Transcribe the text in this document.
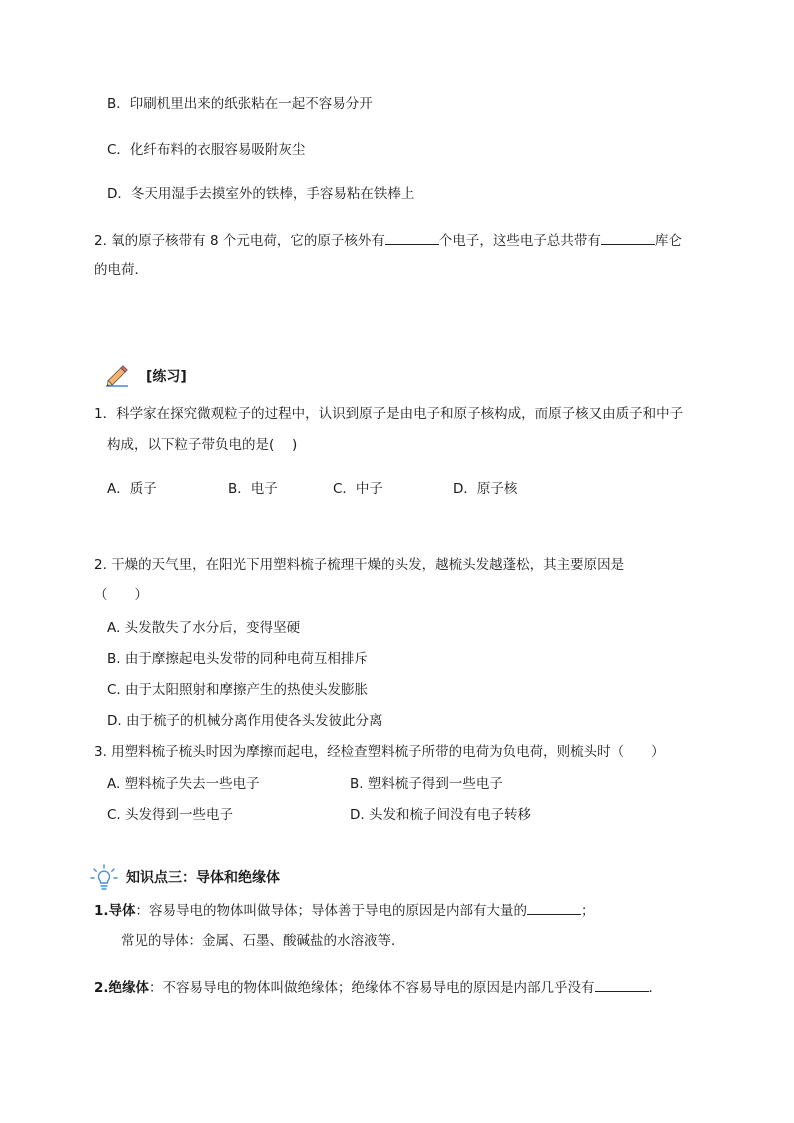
B．印刷机里出来的纸张粘在一起不容易分开
C．化纤布料的衣服容易吸附灰尘
D．冬天用湿手去摸室外的铁棒，手容易粘在铁棒上
2. 氧的原子核带有 8 个元电荷，它的原子核外有	个电子，这些电子总共带有	库仑
的电荷．
[练习]
1．科学家在探究微观粒子的过程中，认识到原子是由电子和原子核构成，而原子核又由质子和中子
构成，以下粒子带负电的是(　 )
A．质子	B．电子	C．中子	D．原子核
2. 干燥的天气里，在阳光下用塑料梳子梳理干燥的头发，越梳头发越蓬松，其主要原因是
（　　）
A. 头发散失了水分后，变得坚硬
B. 由于摩擦起电头发带的同种电荷互相排斥
C. 由于太阳照射和摩擦产生的热使头发膨胀
D. 由于梳子的机械分离作用使各头发彼此分离
3. 用塑料梳子梳头时因为摩擦而起电，经检查塑料梳子所带的电荷为负电荷，则梳头时（　　）
A. 塑料梳子失去一些电子	B. 塑料梳子得到一些电子
C. 头发得到一些电子	D. 头发和梳子间没有电子转移
知识点三：导体和绝缘体
1.导体：容易导电的物体叫做导体；导体善于导电的原因是内部有大量的	；
常见的导体：金属、石墨、酸碱盐的水溶液等．
2.绝缘体：不容易导电的物体叫做绝缘体；绝缘体不容易导电的原因是内部几乎没有	．
